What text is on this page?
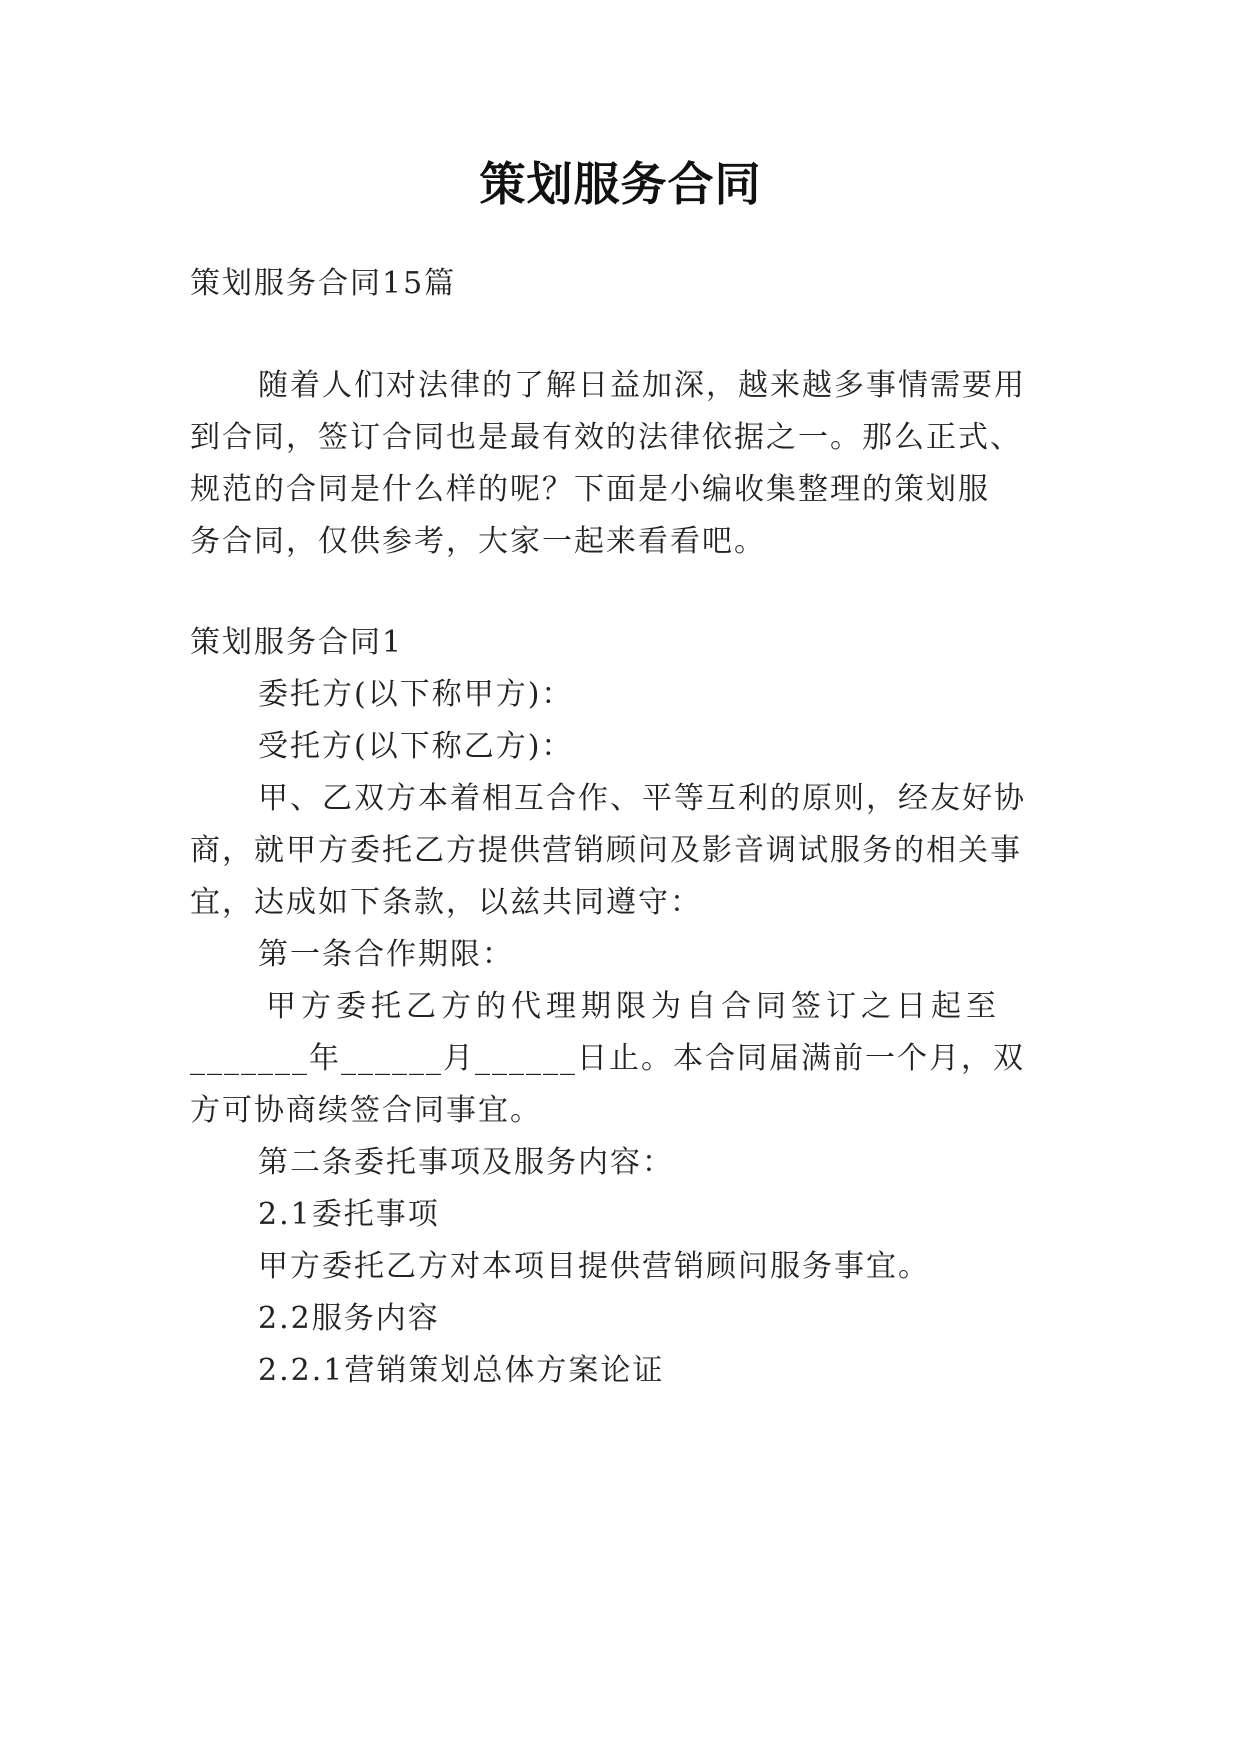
策划服务合同
策划服务合同15篇
随着人们对法律的了解日益加深，越来越多事情需要用
到合同，签订合同也是最有效的法律依据之一。那么正式、
规范的合同是什么样的呢？下面是小编收集整理的策划服
务合同，仅供参考，大家一起来看看吧。
策划服务合同1
委托方(以下称甲方)：
受托方(以下称乙方)：
甲、乙双方本着相互合作、平等互利的原则，经友好协
商，就甲方委托乙方提供营销顾问及影音调试服务的相关事
宜，达成如下条款，以兹共同遵守：
第一条合作期限：
甲方委托乙方的代理期限为自合同签订之日起至
_______年______月______日止。本合同届满前一个月，双
方可协商续签合同事宜。
第二条委托事项及服务内容：
2.1委托事项
甲方委托乙方对本项目提供营销顾问服务事宜。
2.2服务内容
2.2.1营销策划总体方案论证
